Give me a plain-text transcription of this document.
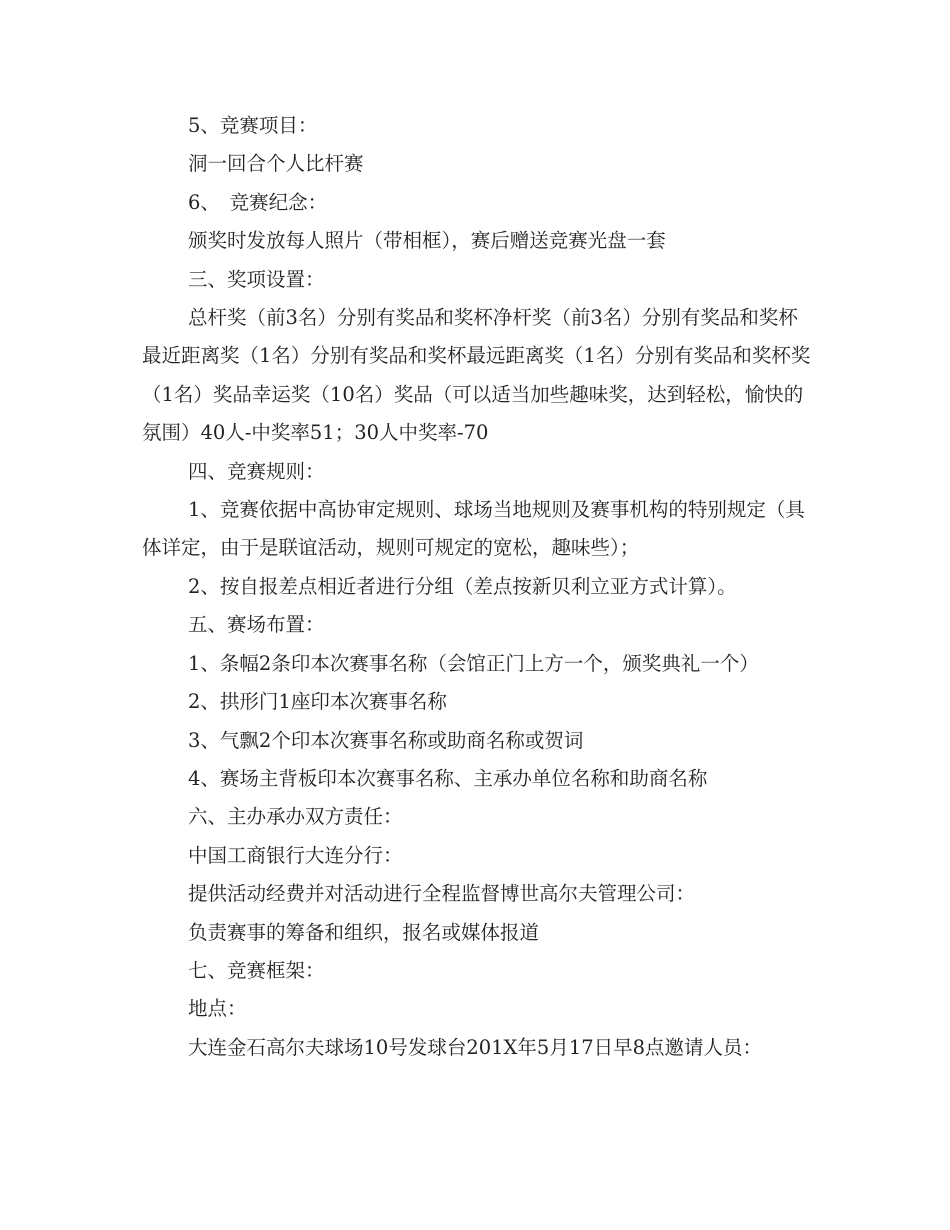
5、竞赛项目：

洞一回合个人比杆赛

6、　竞赛纪念：

颁奖时发放每人照片（带相框），赛后赠送竞赛光盘一套

三、奖项设置：

总杆奖（前3名）分别有奖品和奖杯净杆奖（前3名）分别有奖品和奖杯最近距离奖（1名）分别有奖品和奖杯最远距离奖（1名）分别有奖品和奖杯奖（1名）奖品幸运奖（10名）奖品（可以适当加些趣味奖，达到轻松，愉快的氛围）40人-中奖率51；30人中奖率-70

四、竞赛规则：

1、竞赛依据中高协审定规则、球场当地规则及赛事机构的特别规定（具体详定，由于是联谊活动，规则可规定的宽松，趣味些）；

2、按自报差点相近者进行分组（差点按新贝利立亚方式计算）。

五、赛场布置：

1、条幅2条印本次赛事名称（会馆正门上方一个，颁奖典礼一个）

2、拱形门1座印本次赛事名称

3、气飘2个印本次赛事名称或助商名称或贺词

4、赛场主背板印本次赛事名称、主承办单位名称和助商名称

六、主办承办双方责任：

中国工商银行大连分行：

提供活动经费并对活动进行全程监督博世高尔夫管理公司：

负责赛事的筹备和组织，报名或媒体报道

七、竞赛框架：

地点：

大连金石高尔夫球场10号发球台201X年5月17日早8点邀请人员：
